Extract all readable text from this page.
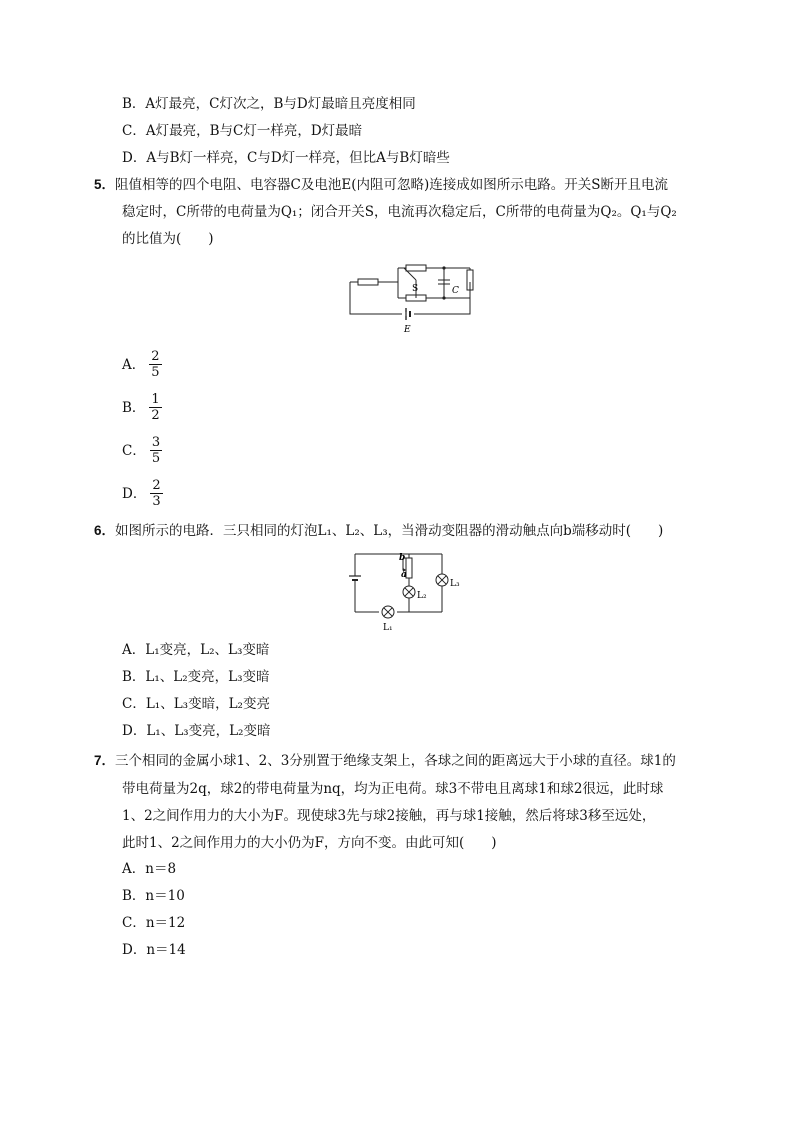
B．A灯最亮，C灯次之，B与D灯最暗且亮度相同
C．A灯最亮，B与C灯一样亮，D灯最暗
D．A与B灯一样亮，C与D灯一样亮，但比A与B灯暗些
5．阻值相等的四个电阻、电容器C及电池E(内阻可忽略)连接成如图所示电路。开关S断开且电流
稳定时，C所带的电荷量为Q₁；闭合开关S，电流再次稳定后，C所带的电荷量为Q₂。Q₁与Q₂
的比值为(　　)
S	C
E
A． $\frac{2}{5}$
B． $\frac{1}{2}$
C． $\frac{3}{5}$
D． $\frac{2}{3}$
6．如图所示的电路．三只相同的灯泡L₁、L₂、L₃，当滑动变阻器的滑动触点向b端移动时(　　)
b
a
L₂
L₃
L₁
A．L₁变亮，L₂、L₃变暗
B．L₁、L₂变亮，L₃变暗
C．L₁、L₃变暗，L₂变亮
D．L₁、L₃变亮，L₂变暗
7．三个相同的金属小球1、2、3分别置于绝缘支架上，各球之间的距离远大于小球的直径。球1的
带电荷量为2q，球2的带电荷量为nq，均为正电荷。球3不带电且离球1和球2很远，此时球
1、2之间作用力的大小为F。现使球3先与球2接触，再与球1接触，然后将球3移至远处，
此时1、2之间作用力的大小仍为F，方向不变。由此可知(　　)
A．n＝8
B．n＝10
C．n＝12
D．n＝14
